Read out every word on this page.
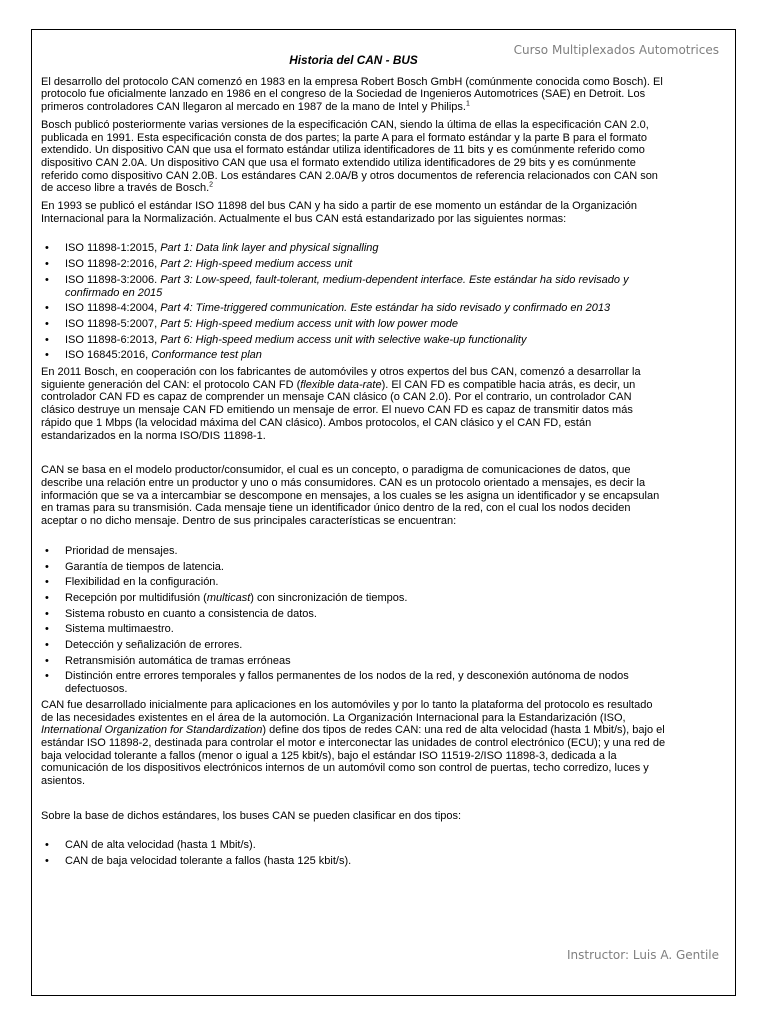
Curso Multiplexados Automotrices
Instructor: Luis A. Gentile
Historia del CAN - BUS

El desarrollo del protocolo CAN comenzó en 1983 en la empresa Robert Bosch GmbH (comúnmente conocida como Bosch). El protocolo fue oficialmente lanzado en 1986 en el congreso de la Sociedad de Ingenieros Automotrices (SAE) en Detroit. Los primeros controladores CAN llegaron al mercado en 1987 de la mano de Intel y Philips.$^1$

Bosch publicó posteriormente varias versiones de la especificación CAN, siendo la última de ellas la especificación CAN 2.0, publicada en 1991. Esta especificación consta de dos partes; la parte A para el formato estándar y la parte B para el formato extendido. Un dispositivo CAN que usa el formato estándar utiliza identificadores de 11 bits y es comúnmente referido como dispositivo CAN 2.0A. Un dispositivo CAN que usa el formato extendido utiliza identificadores de 29 bits y es comúnmente referido como dispositivo CAN 2.0B. Los estándares CAN 2.0A/B y otros documentos de referencia relacionados con CAN son de acceso libre a través de Bosch.$^2$

En 1993 se publicó el estándar ISO 11898 del bus CAN y ha sido a partir de ese momento un estándar de la Organización Internacional para la Normalización. Actualmente el bus CAN está estandarizado por las siguientes normas:

• ISO 11898-1:2015, Part 1: Data link layer and physical signalling
• ISO 11898-2:2016, Part 2: High-speed medium access unit
• ISO 11898-3:2006. Part 3: Low-speed, fault-tolerant, medium-dependent interface. Este estándar ha sido revisado y confirmado en 2015
• ISO 11898-4:2004, Part 4: Time-triggered communication. Este estándar ha sido revisado y confirmado en 2013
• ISO 11898-5:2007, Part 5: High-speed medium access unit with low power mode
• ISO 11898-6:2013, Part 6: High-speed medium access unit with selective wake-up functionality
• ISO 16845:2016, Conformance test plan

En 2011 Bosch, en cooperación con los fabricantes de automóviles y otros expertos del bus CAN, comenzó a desarrollar la siguiente generación del CAN: el protocolo CAN FD (flexible data-rate). El CAN FD es compatible hacia atrás, es decir, un controlador CAN FD es capaz de comprender un mensaje CAN clásico (o CAN 2.0). Por el contrario, un controlador CAN clásico destruye un mensaje CAN FD emitiendo un mensaje de error. El nuevo CAN FD es capaz de transmitir datos más rápido que 1 Mbps (la velocidad máxima del CAN clásico). Ambos protocolos, el CAN clásico y el CAN FD, están estandarizados en la norma ISO/DIS 11898-1.

CAN se basa en el modelo productor/consumidor, el cual es un concepto, o paradigma de comunicaciones de datos, que describe una relación entre un productor y uno o más consumidores. CAN es un protocolo orientado a mensajes, es decir la información que se va a intercambiar se descompone en mensajes, a los cuales se les asigna un identificador y se encapsulan en tramas para su transmisión. Cada mensaje tiene un identificador único dentro de la red, con el cual los nodos deciden aceptar o no dicho mensaje. Dentro de sus principales características se encuentran:

• Prioridad de mensajes.
• Garantía de tiempos de latencia.
• Flexibilidad en la configuración.
• Recepción por multidifusión (multicast) con sincronización de tiempos.
• Sistema robusto en cuanto a consistencia de datos.
• Sistema multimaestro.
• Detección y señalización de errores.
• Retransmisión automática de tramas erróneas
• Distinción entre errores temporales y fallos permanentes de los nodos de la red, y desconexión autónoma de nodos defectuosos.

CAN fue desarrollado inicialmente para aplicaciones en los automóviles y por lo tanto la plataforma del protocolo es resultado de las necesidades existentes en el área de la automoción. La Organización Internacional para la Estandarización (ISO, International Organization for Standardization) define dos tipos de redes CAN: una red de alta velocidad (hasta 1 Mbit/s), bajo el estándar ISO 11898-2, destinada para controlar el motor e interconectar las unidades de control electrónico (ECU); y una red de baja velocidad tolerante a fallos (menor o igual a 125 kbit/s), bajo el estándar ISO 11519-2/ISO 11898-3, dedicada a la comunicación de los dispositivos electrónicos internos de un automóvil como son control de puertas, techo corredizo, luces y asientos.

Sobre la base de dichos estándares, los buses CAN se pueden clasificar en dos tipos:

• CAN de alta velocidad (hasta 1 Mbit/s).
• CAN de baja velocidad tolerante a fallos (hasta 125 kbit/s).
